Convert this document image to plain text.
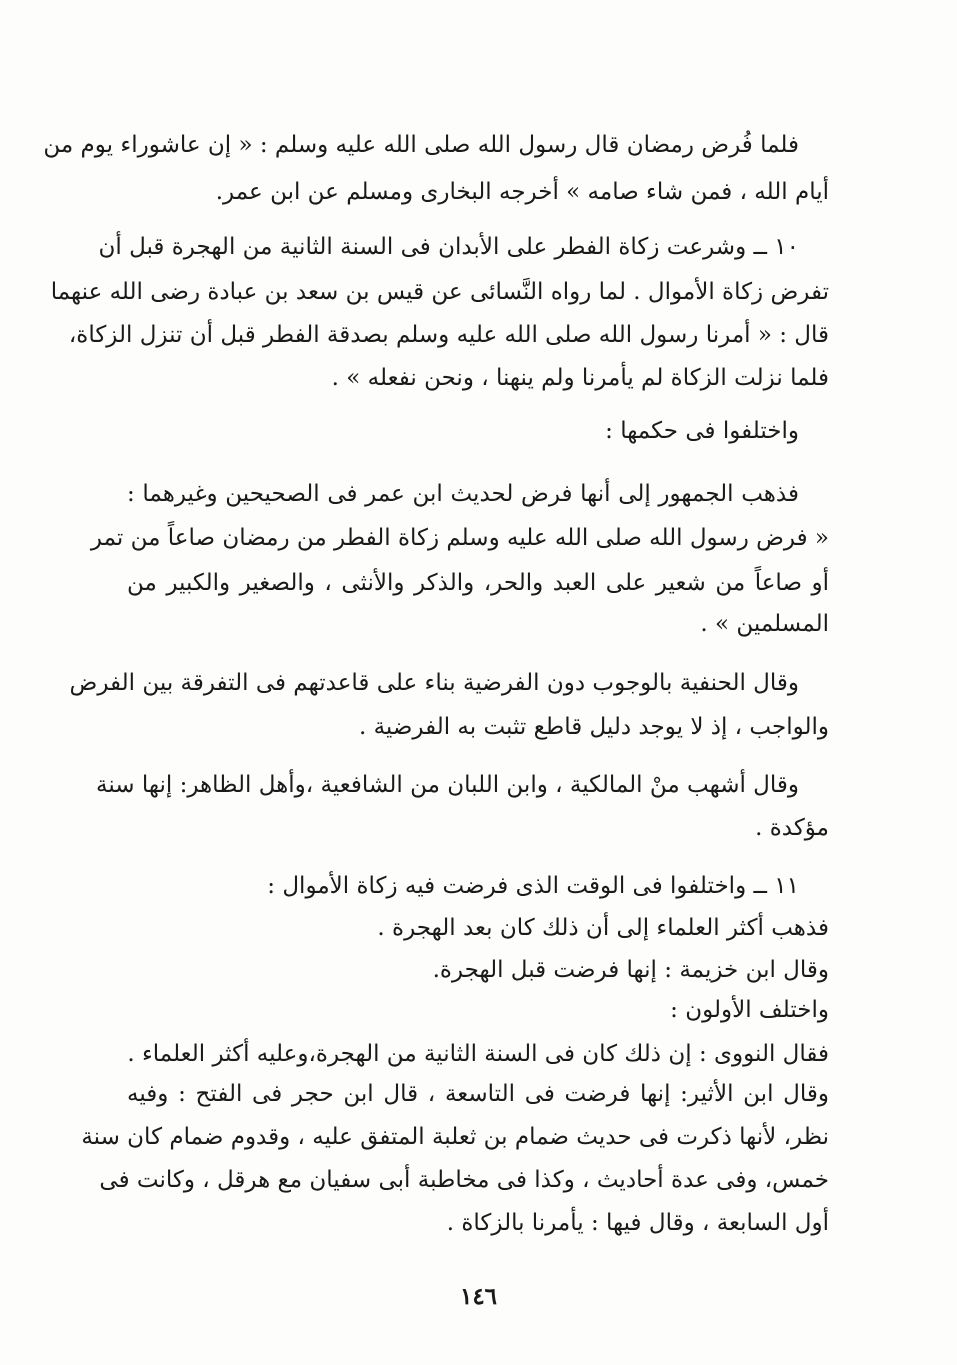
فلما فُرض رمضان قال رسول الله صلى الله عليه وسلم : « إن عاشوراء يوم من
أيام الله ، فمن شاء صامه » أخرجه البخارى ومسلم عن ابن عمر.
١٠ ــ وشرعت زكاة الفطر على الأبدان فى السنة الثانية من الهجرة قبل أن
تفرض زكاة الأموال . لما رواه النَّسائى عن قيس بن سعد بن عبادة رضى الله عنهما
قال : « أمرنا رسول الله صلى الله عليه وسلم بصدقة الفطر قبل أن تنزل الزكاة،
فلما نزلت الزكاة لم يأمرنا ولم ينهنا ، ونحن نفعله » .
واختلفوا فى حكمها :
فذهب الجمهور إلى أنها فرض لحديث ابن عمر فى الصحيحين وغيرهما :
« فرض رسول الله صلى الله عليه وسلم زكاة الفطر من رمضان صاعاً من تمر
أو صاعاً من شعير على العبد والحر، والذكر والأنثى ، والصغير والكبير من
المسلمين » .
وقال الحنفية بالوجوب دون الفرضية بناء على قاعدتهم فى التفرقة بين الفرض
والواجب ، إذ لا يوجد دليل قاطع تثبت به الفرضية .
وقال أشهب منْ المالكية ، وابن اللبان من الشافعية ،وأهل الظاهر: إنها سنة
مؤكدة .
١١ ــ واختلفوا فى الوقت الذى فرضت فيه زكاة الأموال :
فذهب أكثر العلماء إلى أن ذلك كان بعد الهجرة .
وقال ابن خزيمة : إنها فرضت قبل الهجرة.
واختلف الأولون :
فقال النووى : إن ذلك كان فى السنة الثانية من الهجرة،وعليه أكثر العلماء .
وقال ابن الأثير: إنها فرضت فى التاسعة ، قال ابن حجر فى الفتح : وفيه
نظر، لأنها ذكرت فى حديث ضمام بن ثعلبة المتفق عليه ، وقدوم ضمام كان سنة
خمس، وفى عدة أحاديث ، وكذا فى مخاطبة أبى سفيان مع هرقل ، وكانت فى
أول السابعة ، وقال فيها : يأمرنا بالزكاة .
١٤٦
